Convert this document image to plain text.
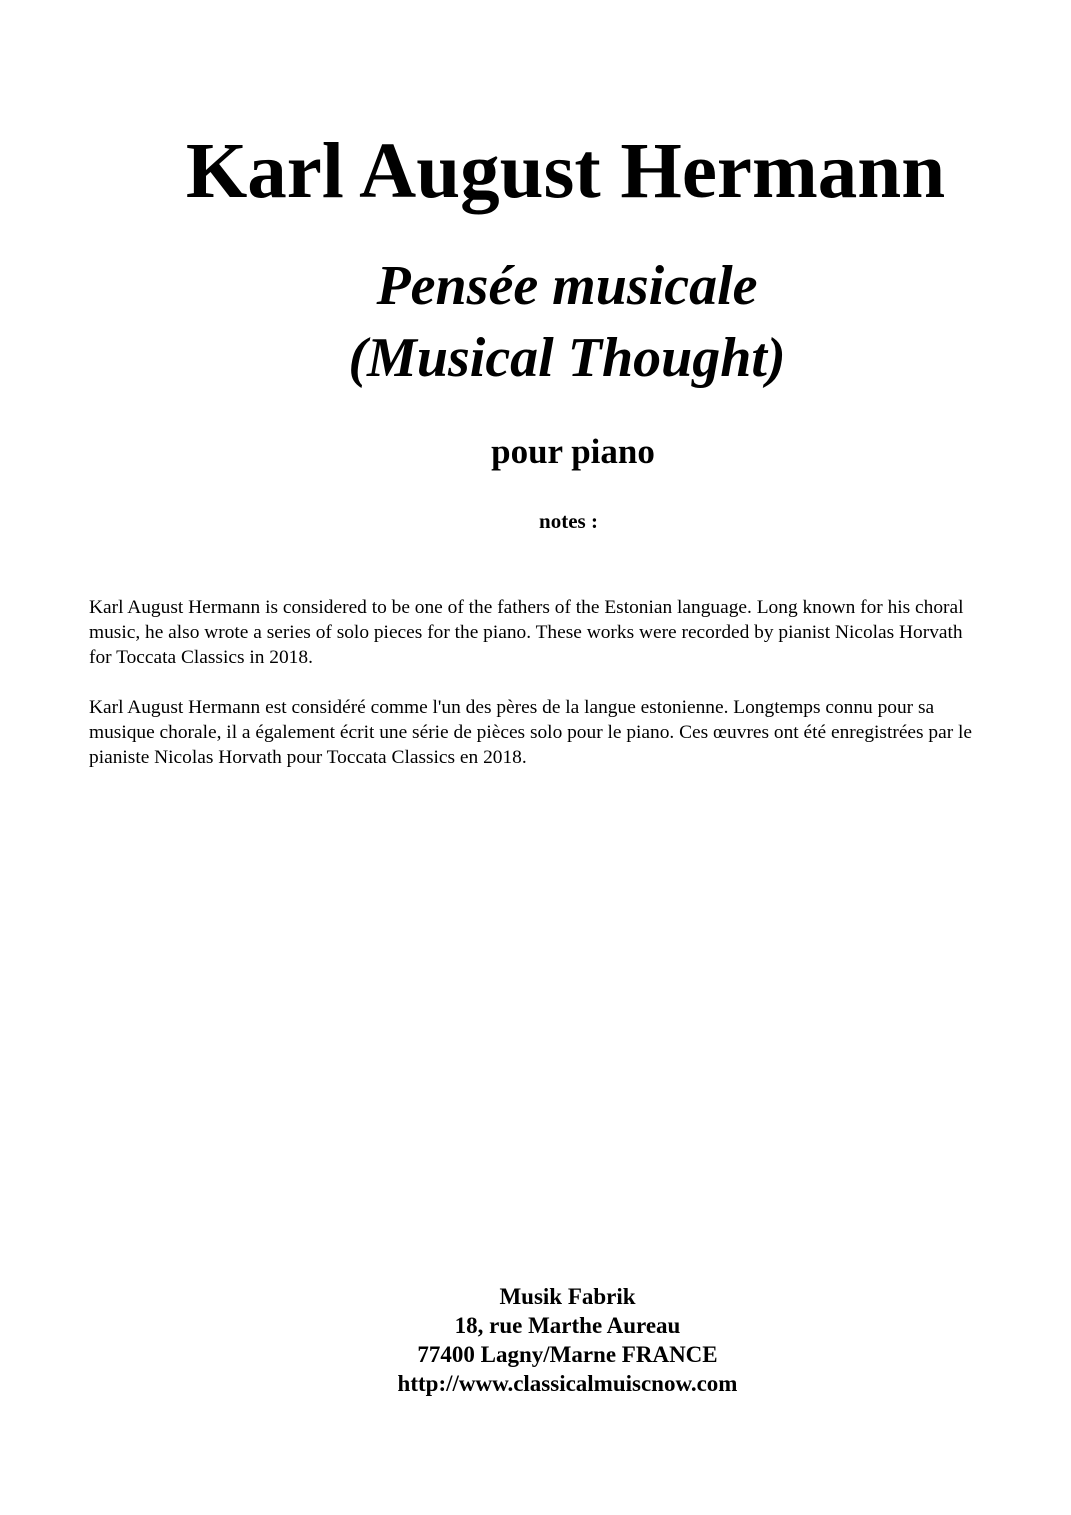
Karl August Hermann
Pensée musicale
(Musical Thought)
pour piano
notes :

Karl August Hermann is considered to be one of the fathers of the Estonian language. Long known for his choral music, he also wrote a series of solo pieces for the piano. These works were recorded by pianist Nicolas Horvath for Toccata Classics in 2018.

Karl August Hermann est considéré comme l'un des pères de la langue estonienne. Longtemps connu pour sa musique chorale, il a également écrit une série de pièces solo pour le piano. Ces œuvres ont été enregistrées par le pianiste Nicolas Horvath pour Toccata Classics en 2018.

Musik Fabrik
18, rue Marthe Aureau
77400 Lagny/Marne FRANCE
http://www.classicalmuiscnow.com
